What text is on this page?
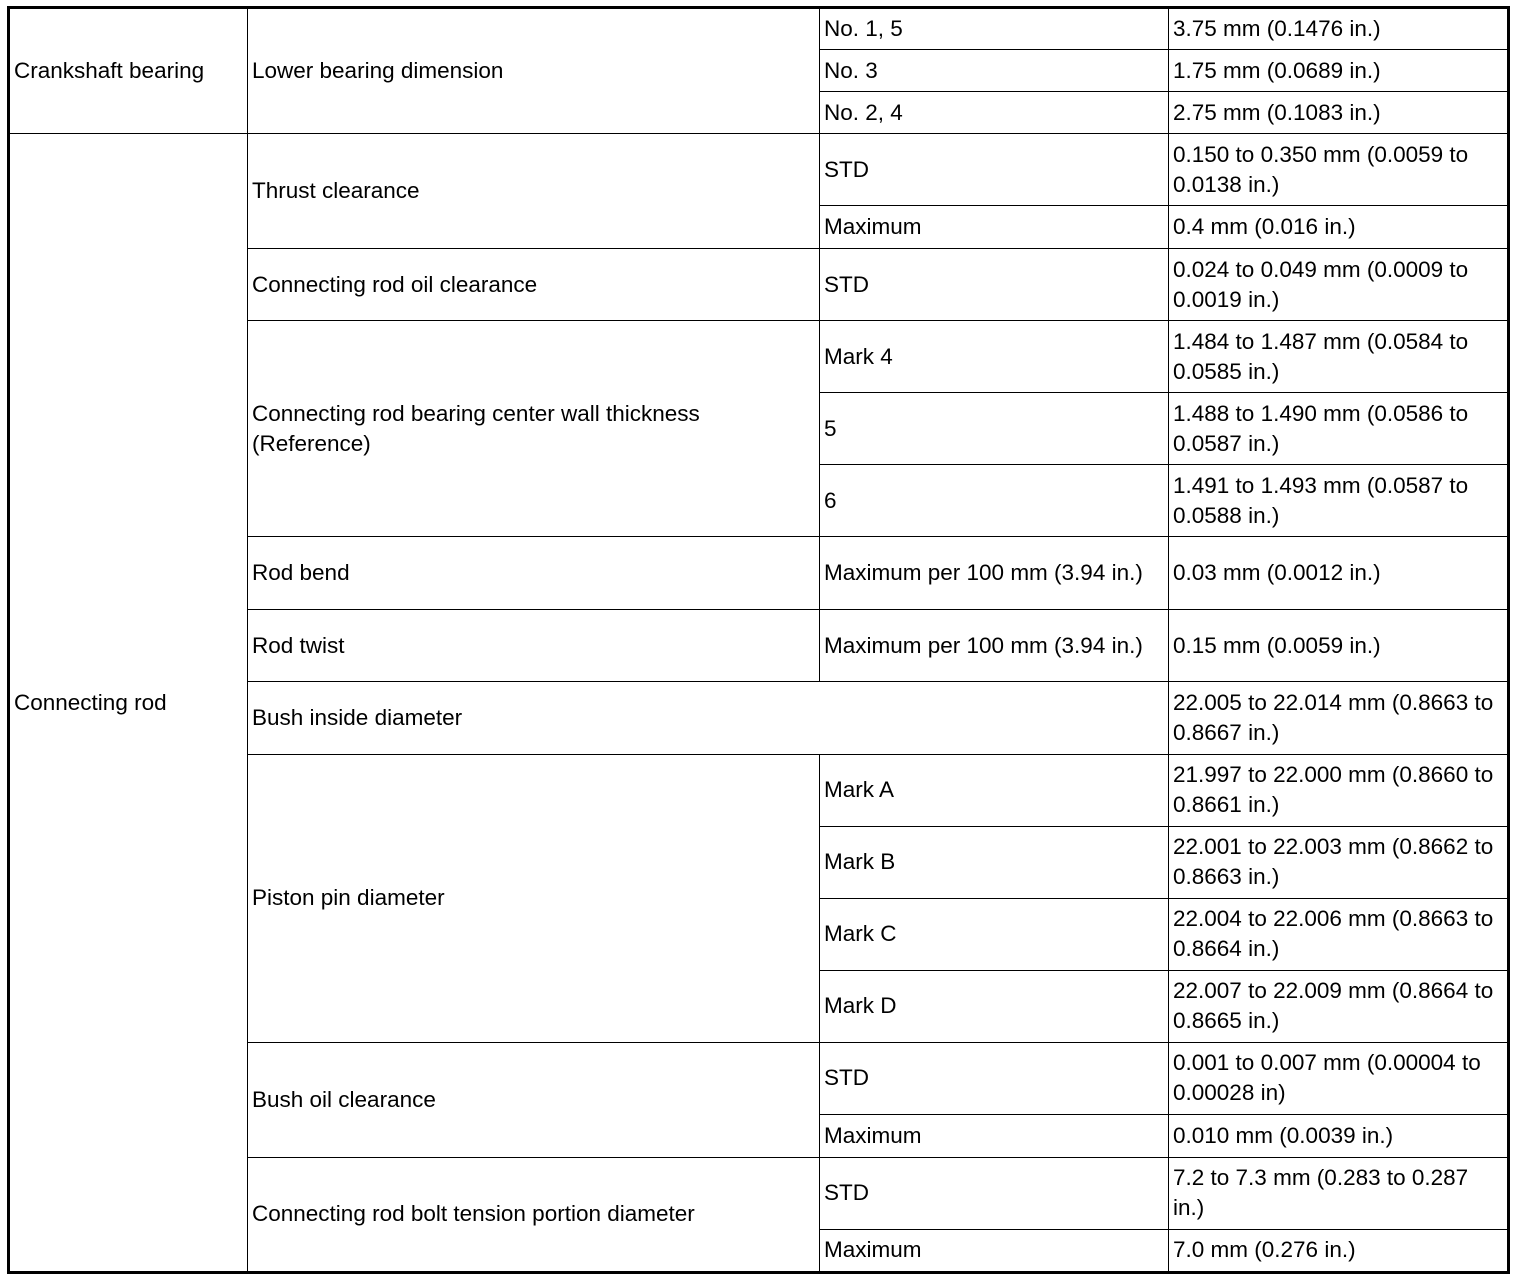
Crankshaft bearing	Lower bearing dimension	No. 1, 5	3.75 mm (0.1476 in.)
		No. 3	1.75 mm (0.0689 in.)
		No. 2, 4	2.75 mm (0.1083 in.)
Connecting rod	Thrust clearance	STD	0.150 to 0.350 mm (0.0059 to 0.0138 in.)
		Maximum	0.4 mm (0.016 in.)
	Connecting rod oil clearance	STD	0.024 to 0.049 mm (0.0009 to 0.0019 in.)
	Connecting rod bearing center wall thickness (Reference)	Mark 4	1.484 to 1.487 mm (0.0584 to 0.0585 in.)
		5	1.488 to 1.490 mm (0.0586 to 0.0587 in.)
		6	1.491 to 1.493 mm (0.0587 to 0.0588 in.)
	Rod bend	Maximum per 100 mm (3.94 in.)	0.03 mm (0.0012 in.)
	Rod twist	Maximum per 100 mm (3.94 in.)	0.15 mm (0.0059 in.)
	Bush inside diameter		22.005 to 22.014 mm (0.8663 to 0.8667 in.)
	Piston pin diameter	Mark A	21.997 to 22.000 mm (0.8660 to 0.8661 in.)
		Mark B	22.001 to 22.003 mm (0.8662 to 0.8663 in.)
		Mark C	22.004 to 22.006 mm (0.8663 to 0.8664 in.)
		Mark D	22.007 to 22.009 mm (0.8664 to 0.8665 in.)
	Bush oil clearance	STD	0.001 to 0.007 mm (0.00004 to 0.00028 in)
		Maximum	0.010 mm (0.0039 in.)
	Connecting rod bolt tension portion diameter	STD	7.2 to 7.3 mm (0.283 to 0.287 in.)
		Maximum	7.0 mm (0.276 in.)
